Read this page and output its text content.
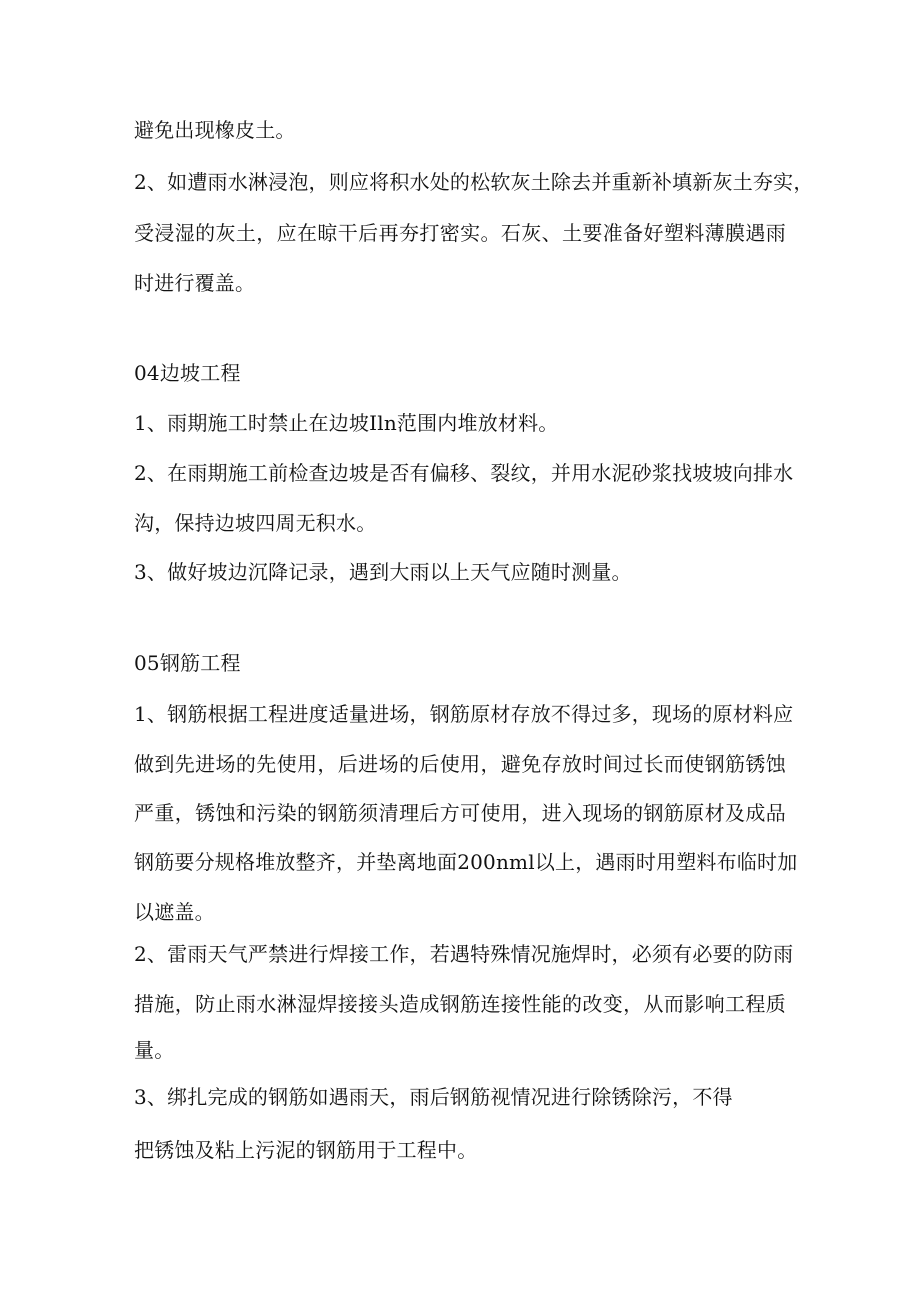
避免出现橡皮土。
2、如遭雨水淋浸泡，则应将积水处的松软灰土除去并重新补填新灰土夯实，
受浸湿的灰土，应在晾干后再夯打密实。石灰、土要准备好塑料薄膜遇雨
时进行覆盖。
04边坡工程
1、雨期施工时禁止在边坡Iln范围内堆放材料。
2、在雨期施工前检查边坡是否有偏移、裂纹，并用水泥砂浆找坡坡向排水
沟，保持边坡四周无积水。
3、做好坡边沉降记录，遇到大雨以上天气应随时测量。
05钢筋工程
1、钢筋根据工程进度适量进场，钢筋原材存放不得过多，现场的原材料应
做到先进场的先使用，后进场的后使用，避免存放时间过长而使钢筋锈蚀
严重，锈蚀和污染的钢筋须清理后方可使用，进入现场的钢筋原材及成品
钢筋要分规格堆放整齐，并垫离地面200nml以上，遇雨时用塑料布临时加
以遮盖。
2、雷雨天气严禁进行焊接工作，若遇特殊情况施焊时，必须有必要的防雨
措施，防止雨水淋湿焊接接头造成钢筋连接性能的改变，从而影响工程质
量。
3、绑扎完成的钢筋如遇雨天，雨后钢筋视情况进行除锈除污，不得
把锈蚀及粘上污泥的钢筋用于工程中。
